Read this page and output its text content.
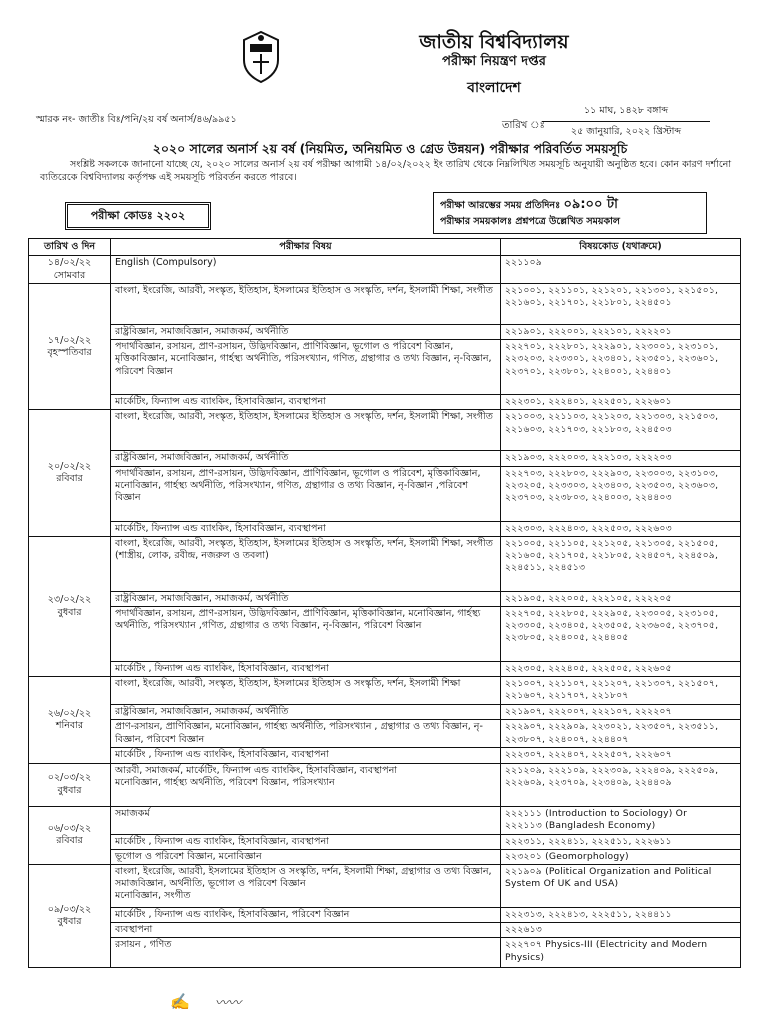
জাতীয় বিশ্ববিদ্যালয়
পরীক্ষা নিয়ন্ত্রণ দপ্তর
বাংলাদেশ
স্মারক নং- জাতীঃ বিঃ/পনি/২য় বর্ষ অনার্স/৪৬/৯৯৫১
তারিখ ঃ
১১ মাঘ, ১৪২৮ বঙ্গাব্দ
২৫ জানুয়ারি, ২০২২ খ্রিস্টাব্দ
২০২০ সালের অনার্স ২য় বর্ষ (নিয়মিত, অনিয়মিত ও গ্রেড উন্নয়ন) পরীক্ষার পরিবর্তিত সময়সূচি
সংশ্লিষ্ট সকলকে জানানো যাচ্ছে যে, ২০২০ সালের অনার্স ২য় বর্ষ পরীক্ষা আগামী ১৪/০২/২০২২ ইং তারিখ থেকে নিম্নলিখিত সময়সূচি অনুযায়ী অনুষ্ঠিত হবে। কোন কারণ দর্শানো ব্যতিরেকে বিশ্ববিদ্যালয় কর্তৃপক্ষ এই সময়সূচি পরিবর্তন করতে পারবে।
পরীক্ষা কোডঃ ২২০২
পরীক্ষা আরম্ভের সময় প্রতিদিনঃ ০৯:০০ টা
পরীক্ষার সময়কালঃ প্রশ্নপত্রে উল্লেখিত সময়কাল
তারিখ ও দিন	পরীক্ষার বিষয়	বিষয়কোড (যথাক্রমে)
১৪/০২/২২
সোমবার	English (Compulsory)	২২১১০৯
১৭/০২/২২
বৃহস্পতিবার	বাংলা, ইংরেজি, আরবী, সংস্কৃত, ইতিহাস, ইসলামের ইতিহাস ও সংস্কৃতি, দর্শন, ইসলামী শিক্ষা, সংগীত	২২১০০১, ২২১১০১, ২২১২০১, ২২১৩০১, ২২১৫০১, ২২১৬০১, ২২১৭০১, ২২১৮০১, ২২৪৫০১
	রাষ্ট্রবিজ্ঞান, সমাজবিজ্ঞান, সমাজকর্ম, অর্থনীতি	২২১৯০১, ২২২০০১, ২২২১০১, ২২২২০১
	পদার্থবিজ্ঞান, রসায়ন, প্রাণ-রসায়ন, উদ্ভিদবিজ্ঞান, প্রাণিবিজ্ঞান, ভূগোল ও পরিবেশ বিজ্ঞান, মৃত্তিকাবিজ্ঞান, মনোবিজ্ঞান, গার্হস্থ্য অর্থনীতি, পরিসংখ্যান, গণিত, গ্রন্থাগার ও তথ্য বিজ্ঞান, নৃ-বিজ্ঞান, পরিবেশ বিজ্ঞান	২২২৭০১, ২২২৮০১, ২২২৯০১, ২২৩০০১, ২২৩১০১, ২২৩২০৩, ২২৩৩০১, ২২৩৪০১, ২২৩৫০১, ২২৩৬০১, ২২৩৭০১, ২২৩৮০১, ২২৪০০১, ২২৪৪০১
	মার্কেটিং, ফিন্যান্স এন্ড ব্যাংকিং, হিসাববিজ্ঞান, ব্যবস্থাপনা	২২২৩০১, ২২২৪০১, ২২২৫০১, ২২২৬০১
২০/০২/২২
রবিবার	বাংলা, ইংরেজি, আরবী, সংস্কৃত, ইতিহাস, ইসলামের ইতিহাস ও সংস্কৃতি, দর্শন, ইসলামী শিক্ষা, সংগীত	২২১০০৩, ২২১১০৩, ২২১২০৩, ২২১৩০৩, ২২১৫০৩, ২২১৬০৩, ২২১৭০৩, ২২১৮০৩, ২২৪৫০৩
	রাষ্ট্রবিজ্ঞান, সমাজবিজ্ঞান, সমাজকর্ম, অর্থনীতি	২২১৯০৩, ২২২০০৩, ২২২১০৩, ২২২২০৩
	পদার্থবিজ্ঞান, রসায়ন, প্রাণ-রসায়ন, উদ্ভিদবিজ্ঞান, প্রাণিবিজ্ঞান, ভূগোল ও পরিবেশ, মৃত্তিকাবিজ্ঞান, মনোবিজ্ঞান, গার্হস্থ্য অর্থনীতি, পরিসংখ্যান, গণিত, গ্রন্থাগার ও তথ্য বিজ্ঞান, নৃ-বিজ্ঞান ,পরিবেশ বিজ্ঞান	২২২৭০৩, ২২২৮০৩, ২২২৯০৩, ২২৩০০৩, ২২৩১০৩, ২২৩২০৫, ২২৩৩০৩, ২২৩৪০৩, ২২৩৫০৩, ২২৩৬০৩, ২২৩৭০৩, ২২৩৮০৩, ২২৪০০৩, ২২৪৪০৩
	মার্কেটিং, ফিন্যান্স এন্ড ব্যাংকিং, হিসাববিজ্ঞান, ব্যবস্থাপনা	২২২৩০৩, ২২২৪০৩, ২২২৫০৩, ২২২৬০৩
২৩/০২/২২
বুধবার	বাংলা, ইংরেজি, আরবী, সংস্কৃত, ইতিহাস, ইসলামের ইতিহাস ও সংস্কৃতি, দর্শন, ইসলামী শিক্ষা, সংগীত (শাস্ত্রীয়, লোক, রবীন্দ্র, নজরুল ও তবলা)	২২১০০৫, ২২১১০৫, ২২১২০৫, ২২১৩০৫, ২২১৫০৫, ২২১৬০৫, ২২১৭০৫, ২২১৮০৫, ২২৪৫০৭, ২২৪৫০৯, ২২৪৫১১, ২২৪৫১৩
	রাষ্ট্রবিজ্ঞান, সমাজবিজ্ঞান, সমাজকর্ম, অর্থনীতি	২২১৯০৫, ২২২০০৫, ২২২১০৫, ২২২২০৫
	পদার্থবিজ্ঞান, রসায়ন, প্রাণ-রসায়ন, উদ্ভিদবিজ্ঞান, প্রাণিবিজ্ঞান, মৃত্তিকাবিজ্ঞান, মনোবিজ্ঞান, গার্হস্থ্য অর্থনীতি, পরিসংখ্যান ,গণিত, গ্রন্থাগার ও তথ্য বিজ্ঞান, নৃ-বিজ্ঞান, পরিবেশ বিজ্ঞান	২২২৭০৫, ২২২৮০৫, ২২২৯০৫, ২২৩০০৫, ২২৩১০৫, ২২৩৩০৫, ২২৩৪০৫, ২২৩৫০৫, ২২৩৬০৫, ২২৩৭০৫, ২২৩৮০৫, ২২৪০০৫, ২২৪৪০৫
	মার্কেটিং , ফিন্যান্স এন্ড ব্যাংকিং, হিসাববিজ্ঞান, ব্যবস্থাপনা	২২২৩০৫, ২২২৪০৫, ২২২৫০৫, ২২২৬০৫
২৬/০২/২২
শনিবার	বাংলা, ইংরেজি, আরবী, সংস্কৃত, ইতিহাস, ইসলামের ইতিহাস ও সংস্কৃতি, দর্শন, ইসলামী শিক্ষা	২২১০০৭, ২২১১০৭, ২২১২০৭, ২২১৩০৭, ২২১৫০৭, ২২১৬০৭, ২২১৭০৭, ২২১৮০৭
	রাষ্ট্রবিজ্ঞান, সমাজবিজ্ঞান, সমাজকর্ম, অর্থনীতি	২২১৯০৭, ২২২০০৭, ২২২১০৭, ২২২২০৭
	প্রাণ-রসায়ন, প্রাণিবিজ্ঞান, মনোবিজ্ঞান, গার্হস্থ্য অর্থনীতি, পরিসংখ্যান , গ্রন্থাগার ও তথ্য বিজ্ঞান, নৃ-বিজ্ঞান, পরিবেশ বিজ্ঞান	২২২৯০৭, ২২২৯০৯, ২২৩০২১, ২২৩৫০৭, ২২৩৫১১, ২২৩৮০৭, ২২৪০০৭, ২২৪৪০৭
	মার্কেটিং , ফিন্যান্স এন্ড ব্যাংকিং, হিসাববিজ্ঞান, ব্যবস্থাপনা	২২২৩০৭, ২২২৪০৭, ২২২৫০৭, ২২২৬০৭
০২/০৩/২২
বুধবার	আরবী, সমাজকর্ম, মার্কেটিং, ফিন্যান্স এন্ড ব্যাংকিং, হিসাববিজ্ঞান, ব্যবস্থাপনা
মনোবিজ্ঞান, গার্হস্থ্য অর্থনীতি, পরিবেশ বিজ্ঞান, পরিসংখ্যান	২২১২০৯, ২২২১০৯, ২২২৩০৯, ২২২৪০৯, ২২২৫০৯, ২২২৬০৯, ২২৩৭০৯, ২২৩৪০৯, ২২৪৪০৯
০৬/০৩/২২
রবিবার	সমাজকর্ম	২২২১১১ (Introduction to Sociology) Or
২২২১১৩ (Bangladesh Economy)
	মার্কেটিং , ফিন্যান্স এন্ড ব্যাংকিং, হিসাববিজ্ঞান, ব্যবস্থাপনা	২২২৩১১, ২২২৪১১, ২২২৫১১, ২২২৬১১
	ভূগোল ও পরিবেশ বিজ্ঞান, মনোবিজ্ঞান	২২৩২০১ (Geomorphology)
০৯/০৩/২২
বুধবার	বাংলা, ইংরেজি, আরবী, ইসলামের ইতিহাস ও সংস্কৃতি, দর্শন, ইসলামী শিক্ষা, গ্রন্থাগার ও তথ্য বিজ্ঞান, সমাজবিজ্ঞান, অর্থনীতি, ভূগোল ও পরিবেশ বিজ্ঞান
মনোবিজ্ঞান, সংগীত	২২১৯০৯ (Political Organization and Political System Of UK and USA)
	মার্কেটিং , ফিন্যান্স এন্ড ব্যাংকিং, হিসাববিজ্ঞান, পরিবেশ বিজ্ঞান	২২২৩১৩, ২২২৪১৩, ২২২৫১১, ২২৪৪১১
	ব্যবস্থাপনা	২২২৬১৩
	রসায়ন , গণিত	২২২৭০৭ Physics-III (Electricity and Modern Physics)
✍ 〰〰
